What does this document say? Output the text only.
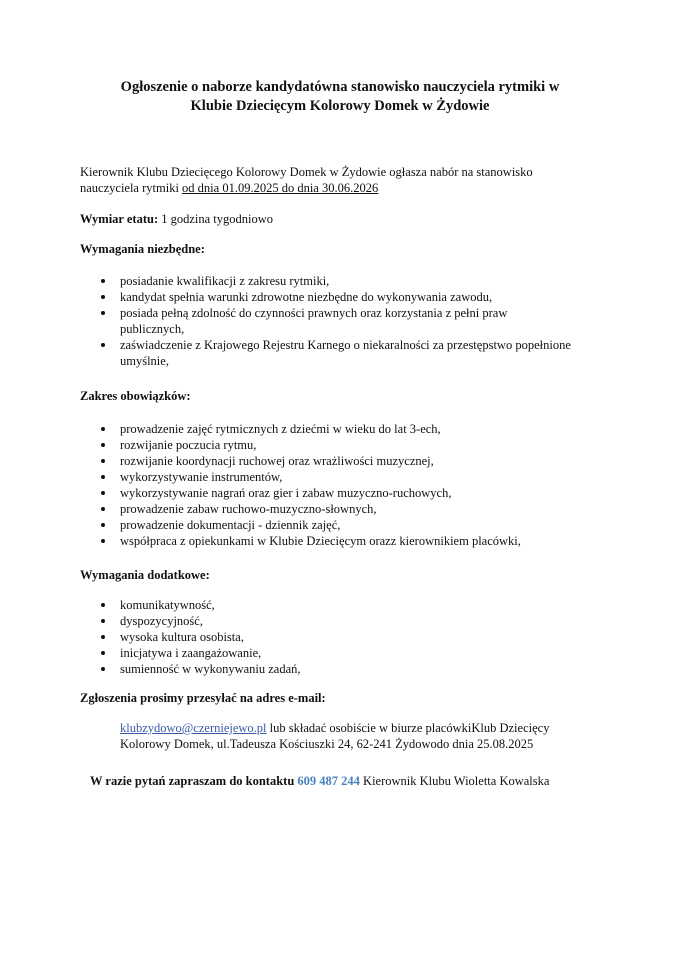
Ogłoszenie o naborze kandydatówna stanowisko nauczyciela rytmiki w
Klubie Dziecięcym Kolorowy Domek w Żydowie
Kierownik Klubu Dziecięcego Kolorowy Domek w Żydowie ogłasza nabór na stanowisko
nauczyciela rytmiki od dnia 01.09.2025 do dnia 30.06.2026
Wymiar etatu: 1 godzina tygodniowo
Wymagania niezbędne:
posiadanie kwalifikacji z zakresu rytmiki,
kandydat spełnia warunki zdrowotne niezbędne do wykonywania zawodu,
posiada pełną zdolność do czynności prawnych oraz korzystania z pełni praw publicznych,
zaświadczenie z Krajowego Rejestru Karnego o niekaralności za przestępstwo popełnione umyślnie,
Zakres obowiązków:
prowadzenie zajęć rytmicznych z dziećmi w wieku do lat 3-ech,
rozwijanie poczucia rytmu,
rozwijanie koordynacji ruchowej oraz wrażliwości muzycznej,
wykorzystywanie instrumentów,
wykorzystywanie nagrań oraz gier i zabaw muzyczno-ruchowych,
prowadzenie zabaw ruchowo-muzyczno-słownych,
prowadzenie dokumentacji - dziennik zajęć,
współpraca z opiekunkami w Klubie Dziecięcym orazz kierownikiem placówki,
Wymagania dodatkowe:
komunikatywność,
dyspozycyjność,
wysoka kultura osobista,
inicjatywa i zaangażowanie,
sumienność w wykonywaniu zadań,
Zgłoszenia prosimy przesyłać na adres e-mail:
klubzydowo@czerniejewo.pl lub składać osobiście w biurze placówkiKlub Dziecięcy
Kolorowy Domek, ul.Tadeusza Kościuszki 24, 62-241 Żydowodo dnia 25.08.2025
W razie pytań zapraszam do kontaktu 609 487 244 Kierownik Klubu Wioletta Kowalska
